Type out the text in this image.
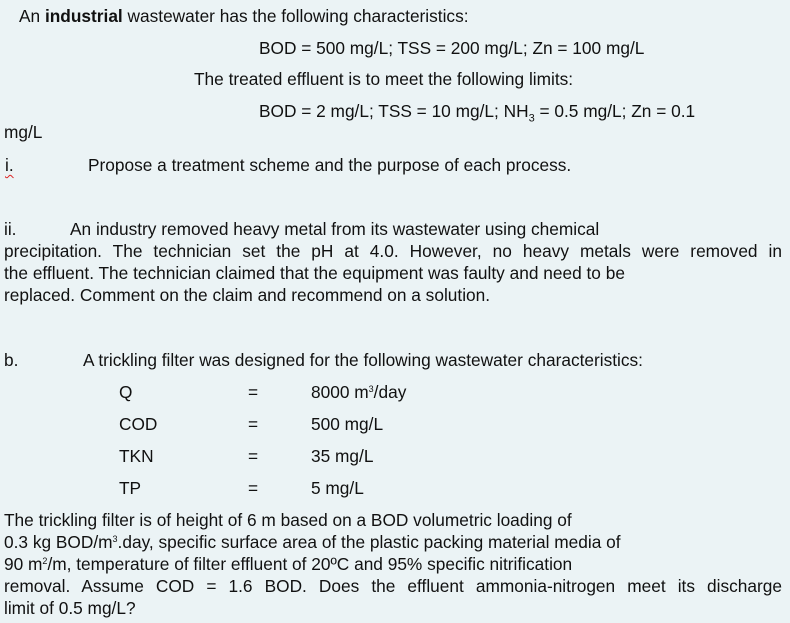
An industrial wastewater has the following characteristics:
BOD = 500 mg/L; TSS = 200 mg/L; Zn = 100 mg/L
The treated effluent is to meet the following limits:
BOD = 2 mg/L; TSS = 10 mg/L; $NH_3 = 0.5$ mg/L; Zn = 0.1
mg/L
i.	Propose a treatment scheme and the purpose of each process.
ii.	An industry removed heavy metal from its wastewater using chemical
precipitation. The technician set the pH at 4.0. However, no heavy metals were removed in
the effluent. The technician claimed that the equipment was faulty and need to be
replaced. Comment on the claim and recommend on a solution.
b.	A trickling filter was designed for the following wastewater characteristics:
Q	=	8000 $m^3$/day
COD	=	500 mg/L
TKN	=	35 mg/L
TP	=	5 mg/L
The trickling filter is of height of 6 m based on a BOD volumetric loading of
0.3 kg BOD/$m^3.day$, specific surface area of the plastic packing material media of
90 $m^2/m$, temperature of filter effluent of 20ºC and 95% specific nitrification
removal. Assume COD = 1.6 BOD. Does the effluent ammonia-nitrogen meet its discharge
limit of 0.5 mg/L?
